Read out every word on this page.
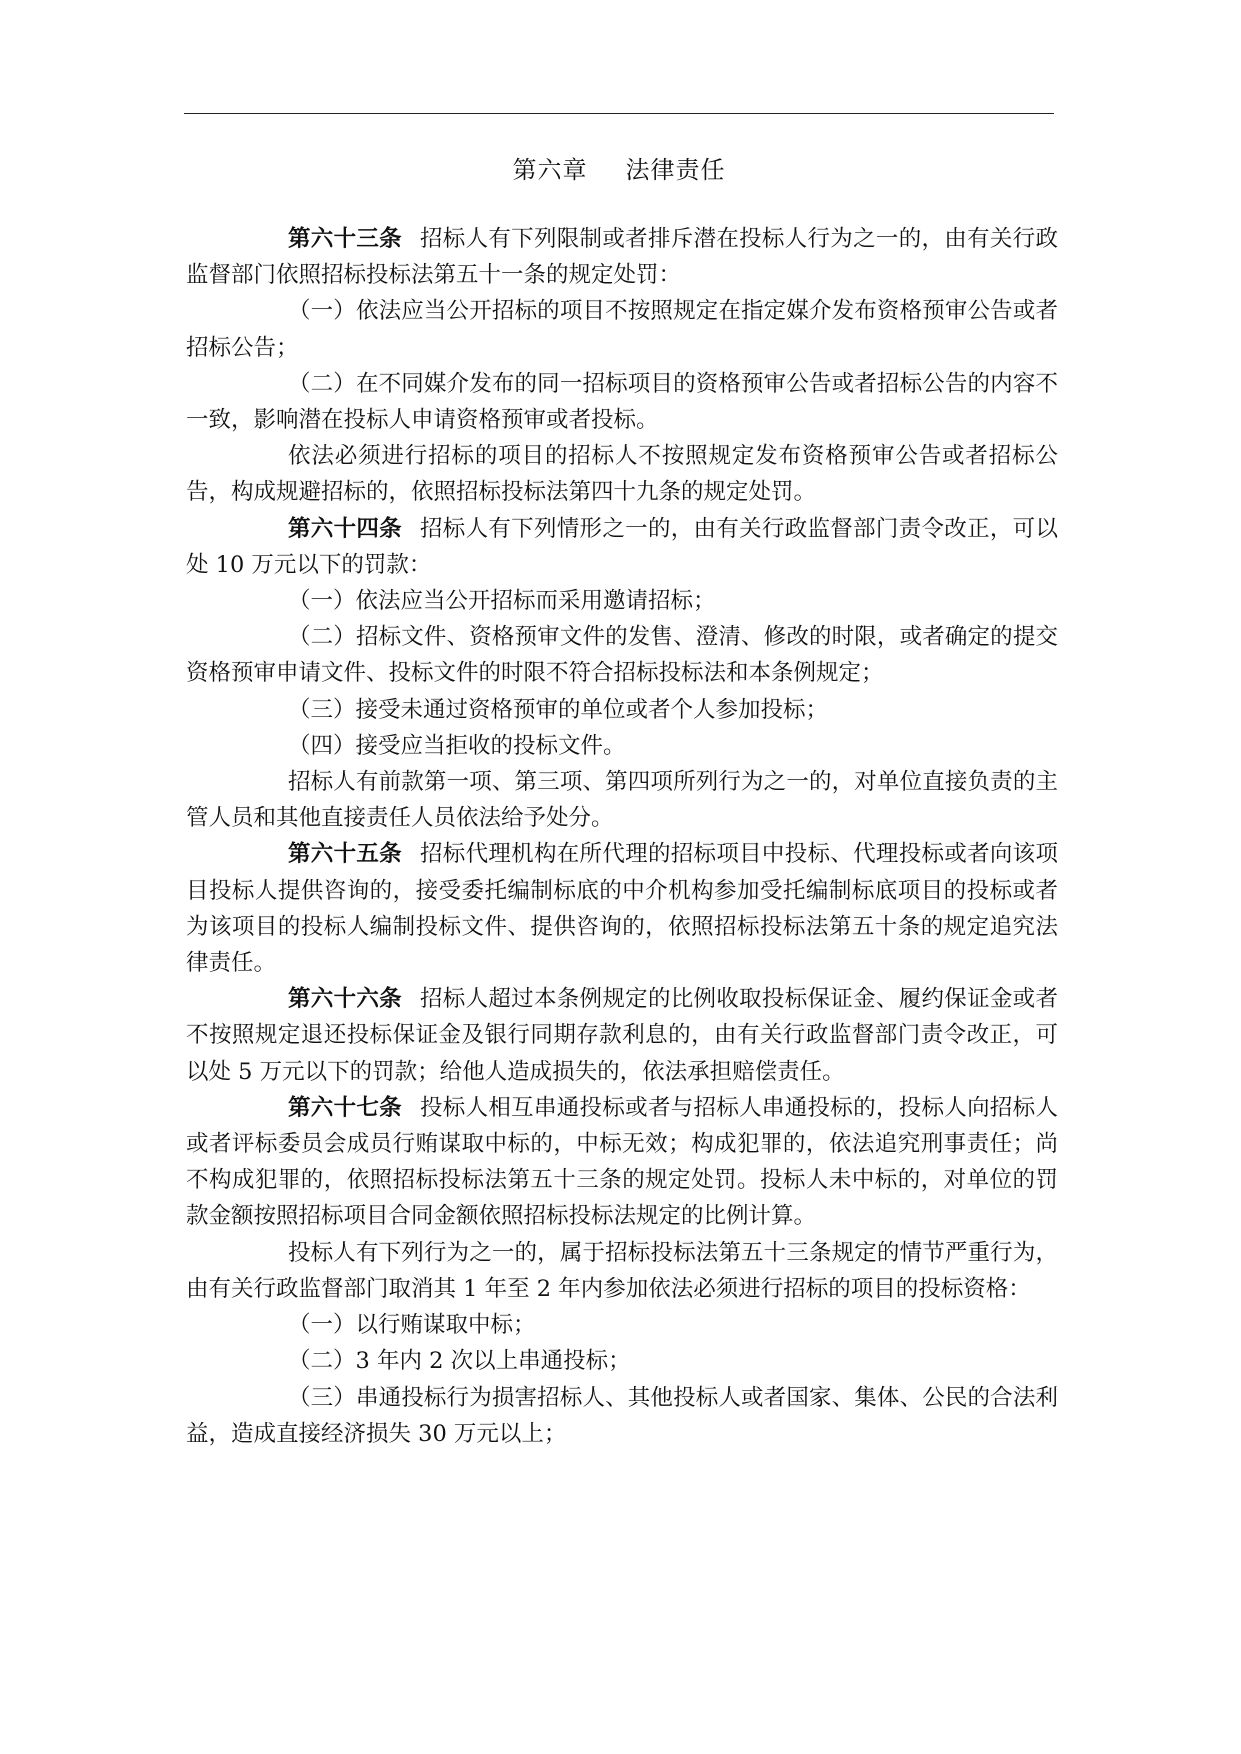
第六章 法律责任

第六十三条 招标人有下列限制或者排斥潜在投标人行为之一的，由有关行政监督部门依照招标投标法第五十一条的规定处罚：

（一）依法应当公开招标的项目不按照规定在指定媒介发布资格预审公告或者招标公告；

（二）在不同媒介发布的同一招标项目的资格预审公告或者招标公告的内容不一致，影响潜在投标人申请资格预审或者投标。

依法必须进行招标的项目的招标人不按照规定发布资格预审公告或者招标公告，构成规避招标的，依照招标投标法第四十九条的规定处罚。

第六十四条 招标人有下列情形之一的，由有关行政监督部门责令改正，可以处 10 万元以下的罚款：

（一）依法应当公开招标而采用邀请招标；

（二）招标文件、资格预审文件的发售、澄清、修改的时限，或者确定的提交资格预审申请文件、投标文件的时限不符合招标投标法和本条例规定；

（三）接受未通过资格预审的单位或者个人参加投标；

（四）接受应当拒收的投标文件。

招标人有前款第一项、第三项、第四项所列行为之一的，对单位直接负责的主管人员和其他直接责任人员依法给予处分。

第六十五条 招标代理机构在所代理的招标项目中投标、代理投标或者向该项目投标人提供咨询的，接受委托编制标底的中介机构参加受托编制标底项目的投标或者为该项目的投标人编制投标文件、提供咨询的，依照招标投标法第五十条的规定追究法律责任。

第六十六条 招标人超过本条例规定的比例收取投标保证金、履约保证金或者不按照规定退还投标保证金及银行同期存款利息的，由有关行政监督部门责令改正，可以处 5 万元以下的罚款；给他人造成损失的，依法承担赔偿责任。

第六十七条 投标人相互串通投标或者与招标人串通投标的，投标人向招标人或者评标委员会成员行贿谋取中标的，中标无效；构成犯罪的，依法追究刑事责任；尚不构成犯罪的，依照招标投标法第五十三条的规定处罚。投标人未中标的，对单位的罚款金额按照招标项目合同金额依照招标投标法规定的比例计算。

投标人有下列行为之一的，属于招标投标法第五十三条规定的情节严重行为，由有关行政监督部门取消其 1 年至 2 年内参加依法必须进行招标的项目的投标资格：

（一）以行贿谋取中标；

（二）3 年内 2 次以上串通投标；

（三）串通投标行为损害招标人、其他投标人或者国家、集体、公民的合法利益，造成直接经济损失 30 万元以上；
